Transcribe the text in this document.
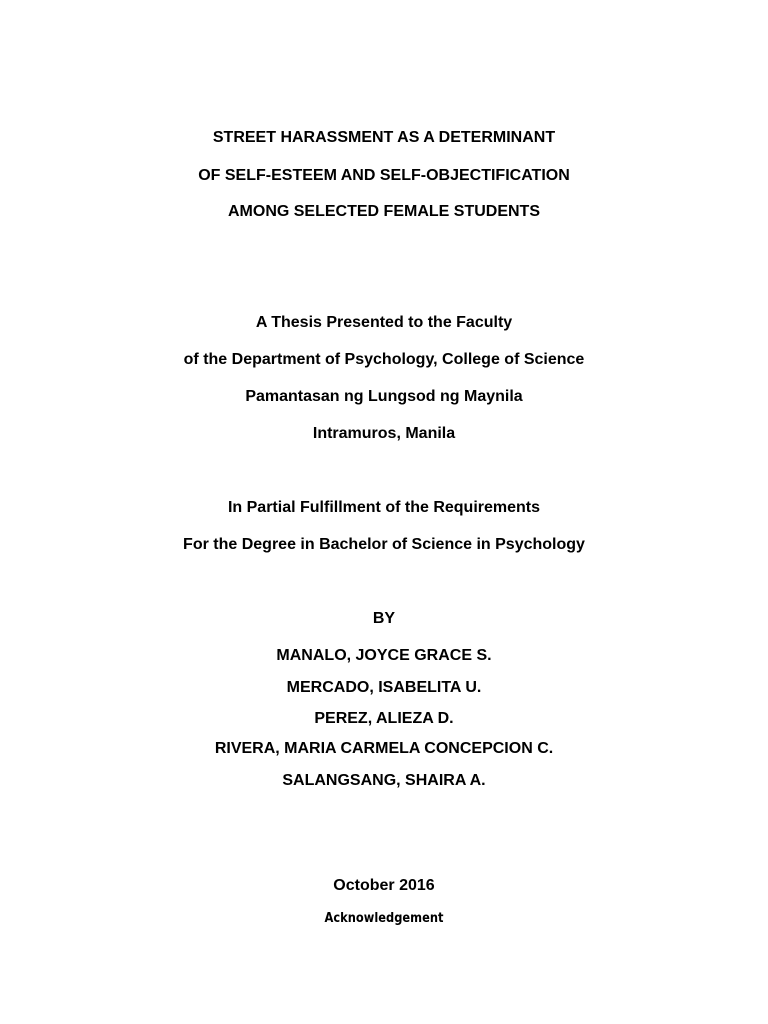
STREET HARASSMENT AS A DETERMINANT
OF SELF-ESTEEM AND SELF-OBJECTIFICATION
AMONG SELECTED FEMALE STUDENTS
A Thesis Presented to the Faculty
of the Department of Psychology, College of Science
Pamantasan ng Lungsod ng Maynila
Intramuros, Manila
In Partial Fulfillment of the Requirements
For the Degree in Bachelor of Science in Psychology
BY
MANALO, JOYCE GRACE S.
MERCADO, ISABELITA U.
PEREZ, ALIEZA D.
RIVERA, MARIA CARMELA CONCEPCION C.
SALANGSANG, SHAIRA A.
October 2016
Acknowledgement
